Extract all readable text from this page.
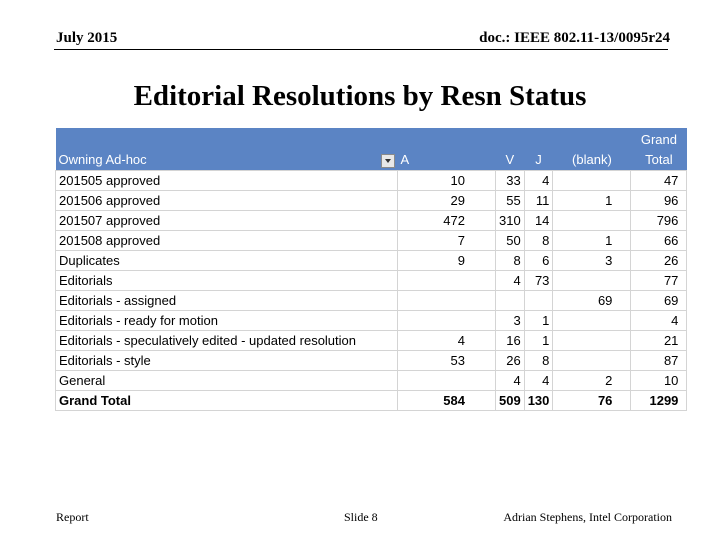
July 2015	doc.: IEEE 802.11-13/0095r24
Editorial Resolutions by Resn Status
					Grand
Owning Ad-hoc	A	V	J	(blank)	Total
201505 approved	10	33	4		47
201506 approved	29	55	11	1	96
201507 approved	472	310	14		796
201508 approved	7	50	8	1	66
Duplicates	9	8	6	3	26
Editorials		4	73		77
Editorials - assigned				69	69
Editorials - ready for motion		3	1		4
Editorials - speculatively edited - updated resolution	4	16	1		21
Editorials - style	53	26	8		87
General		4	4	2	10
Grand Total	584	509	130	76	1299
Report	Slide 8	Adrian Stephens, Intel Corporation
